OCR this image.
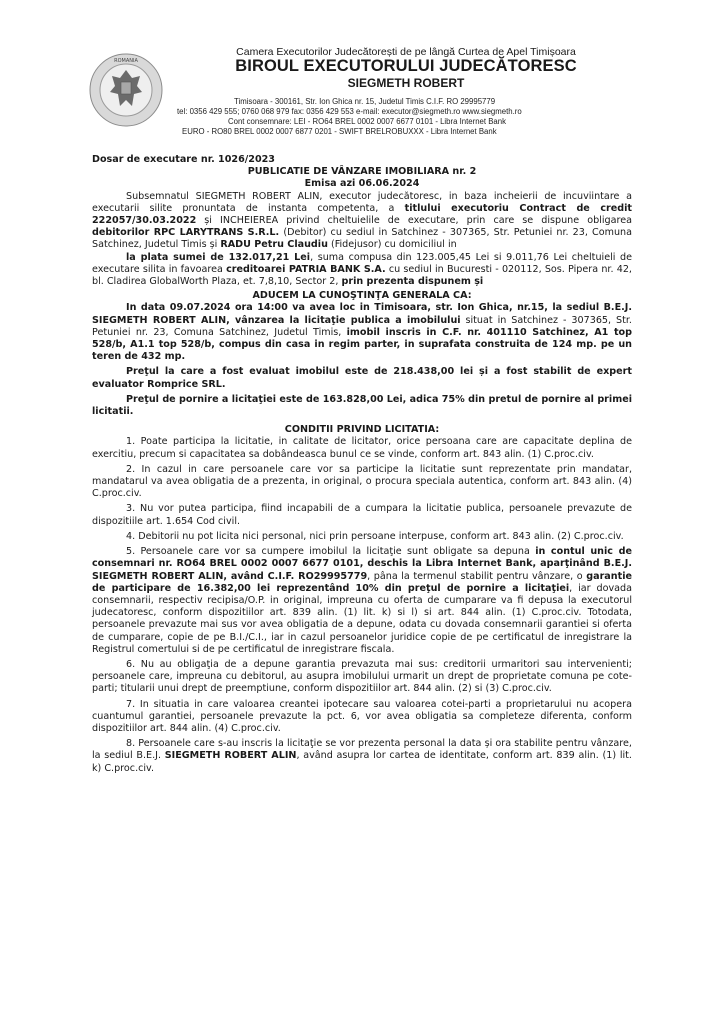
ROMANIA
Camera Executorilor Judecătorești de pe lângă Curtea de Apel Timișoara
BIROUL EXECUTORULUI JUDECĂTORESC
SIEGMETH ROBERT
Timisoara - 300161, Str. Ion Ghica nr. 15, Judetul Timis C.I.F. RO 29995779
tel: 0356 429 555; 0760 068 979 fax: 0356 429 553 e-mail: executor@siegmeth.ro www.siegmeth.ro
Cont consemnare: LEI - RO64 BREL 0002 0007 6677 0101 - Libra Internet Bank
EURO - RO80 BREL 0002 0007 6877 0201 - SWIFT BRELROBUXXX - Libra Internet Bank

Dosar de executare nr. 1026/2023

PUBLICATIE DE VÂNZARE IMOBILIARA nr. 2

Emisa azi 06.06.2024

Subsemnatul SIEGMETH ROBERT ALIN, executor judecătoresc, in baza incheierii de incuviintare a executarii silite pronuntata de instanta competenta, a titlului executoriu Contract de credit 222057/30.03.2022 și INCHEIEREA privind cheltuielile de executare, prin care se dispune obligarea debitorilor RPC LARYTRANS S.R.L. (Debitor) cu sediul in Satchinez - 307365, Str. Petuniei nr. 23, Comuna Satchinez, Judetul Timis și RADU Petru Claudiu (Fidejusor) cu domiciliul in

la plata sumei de 132.017,21 Lei, suma compusa din 123.005,45 Lei si 9.011,76 Lei cheltuieli de executare silita in favoarea creditoarei PATRIA BANK S.A. cu sediul in Bucuresti - 020112, Sos. Pipera nr. 42, bl. Cladirea GlobalWorth Plaza, et. 7,8,10, Sector 2, prin prezenta dispunem și

ADUCEM LA CUNOŞTINŢA GENERALA CA:

In data 09.07.2024 ora 14:00 va avea loc in Timisoara, str. Ion Ghica, nr.15, la sediul B.E.J. SIEGMETH ROBERT ALIN, vânzarea la licitaţie publica a imobilului situat in Satchinez - 307365, Str. Petuniei nr. 23, Comuna Satchinez, Judetul Timis, imobil inscris in C.F. nr. 401110 Satchinez, A1 top 528/b, A1.1 top 528/b, compus din casa in regim parter, in suprafata construita de 124 mp. pe un teren de 432 mp.

Preţul la care a fost evaluat imobilul este de 218.438,00 lei și a fost stabilit de expert evaluator Romprice SRL.

Preţul de pornire a licitaţiei este de 163.828,00 Lei, adica 75% din pretul de pornire al primei licitatii.

CONDITII PRIVIND LICITATIA:

1. Poate participa la licitatie, in calitate de licitator, orice persoana care are capacitate deplina de exercitiu, precum si capacitatea sa dobândeasca bunul ce se vinde, conform art. 843 alin. (1) C.proc.civ.

2. In cazul in care persoanele care vor sa participe la licitatie sunt reprezentate prin mandatar, mandatarul va avea obligatia de a prezenta, in original, o procura speciala autentica, conform art. 843 alin. (4) C.proc.civ.

3. Nu vor putea participa, fiind incapabili de a cumpara la licitatie publica, persoanele prevazute de dispozitiile art. 1.654 Cod civil.

4. Debitorii nu pot licita nici personal, nici prin persoane interpuse, conform art. 843 alin. (2) C.proc.civ.

5. Persoanele care vor sa cumpere imobilul la licitaţie sunt obligate sa depuna in contul unic de consemnari nr. RO64 BREL 0002 0007 6677 0101, deschis la Libra Internet Bank, aparţinând B.E.J. SIEGMETH ROBERT ALIN, având C.I.F. RO29995779, pâna la termenul stabilit pentru vânzare, o garantie de participare de 16.382,00 lei reprezentând 10% din preţul de pornire a licitaţiei, iar dovada consemnarii, respectiv recipisa/O.P. in original, impreuna cu oferta de cumparare va fi depusa la executorul judecatoresc, conform dispozitiilor art. 839 alin. (1) lit. k) si l) si art. 844 alin. (1) C.proc.civ. Totodata, persoanele prevazute mai sus vor avea obligatia de a depune, odata cu dovada consemnarii garantiei si oferta de cumparare, copie de pe B.I./C.I., iar in cazul persoanelor juridice copie de pe certificatul de inregistrare la Registrul comertului si de pe certificatul de inregistrare fiscala.

6. Nu au obligaţia de a depune garantia prevazuta mai sus: creditorii urmaritori sau intervenienti; persoanele care, impreuna cu debitorul, au asupra imobilului urmarit un drept de proprietate comuna pe cote-parti; titularii unui drept de preemptiune, conform dispozitiilor art. 844 alin. (2) si (3) C.proc.civ.

7. In situatia in care valoarea creantei ipotecare sau valoarea cotei-parti a proprietarului nu acopera cuantumul garantiei, persoanele prevazute la pct. 6, vor avea obligatia sa completeze diferenta, conform dispozitiilor art. 844 alin. (4) C.proc.civ.

8. Persoanele care s-au inscris la licitaţie se vor prezenta personal la data și ora stabilite pentru vânzare, la sediul B.E.J. SIEGMETH ROBERT ALIN, având asupra lor cartea de identitate, conform art. 839 alin. (1) lit. k) C.proc.civ.
